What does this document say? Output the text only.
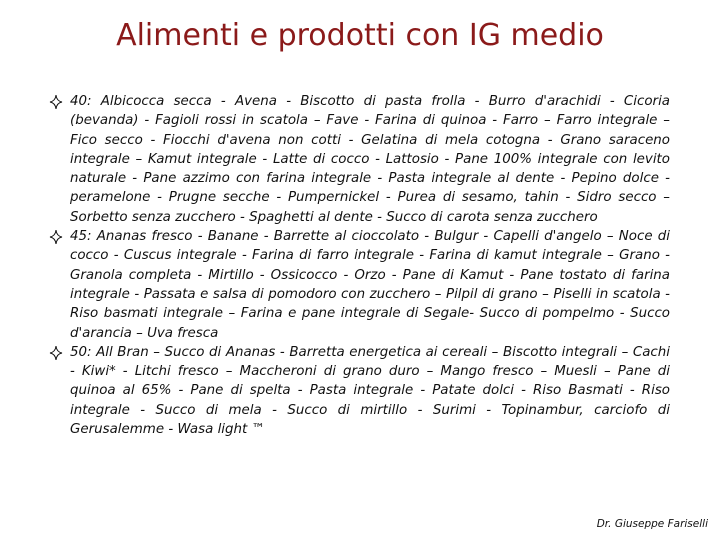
Alimenti e prodotti con IG medio
40: Albicocca secca - Avena - Biscotto di pasta frolla - Burro d'arachidi - Cicoria (bevanda) - Fagioli rossi in scatola – Fave - Farina di quinoa - Farro – Farro integrale – Fico secco - Fiocchi d'avena non cotti - Gelatina di mela cotogna - Grano saraceno integrale – Kamut integrale - Latte di cocco - Lattosio - Pane 100% integrale con levito naturale - Pane azzimo con farina integrale - Pasta integrale al dente - Pepino dolce - peramelone - Prugne secche - Pumpernickel - Purea di sesamo, tahin - Sidro secco – Sorbetto senza zucchero - Spaghetti al dente - Succo di carota senza zucchero
45: Ananas fresco - Banane - Barrette al cioccolato - Bulgur - Capelli d'angelo – Noce di cocco - Cuscus integrale - Farina di farro integrale - Farina di kamut integrale – Grano - Granola completa - Mirtillo - Ossicocco - Orzo - Pane di Kamut - Pane tostato di farina integrale - Passata e salsa di pomodoro con zucchero – Pilpil di grano – Piselli in scatola - Riso basmati integrale – Farina e pane integrale di Segale- Succo di pompelmo - Succo d'arancia – Uva fresca
50: All Bran – Succo di Ananas - Barretta energetica ai cereali – Biscotto integrali – Cachi - Kiwi* - Litchi fresco – Maccheroni di grano duro – Mango fresco – Muesli – Pane di quinoa al 65% - Pane di spelta - Pasta integrale - Patate dolci - Riso Basmati - Riso integrale - Succo di mela - Succo di mirtillo - Surimi - Topinambur, carciofo di Gerusalemme - Wasa light ™
Dr. Giuseppe Fariselli
